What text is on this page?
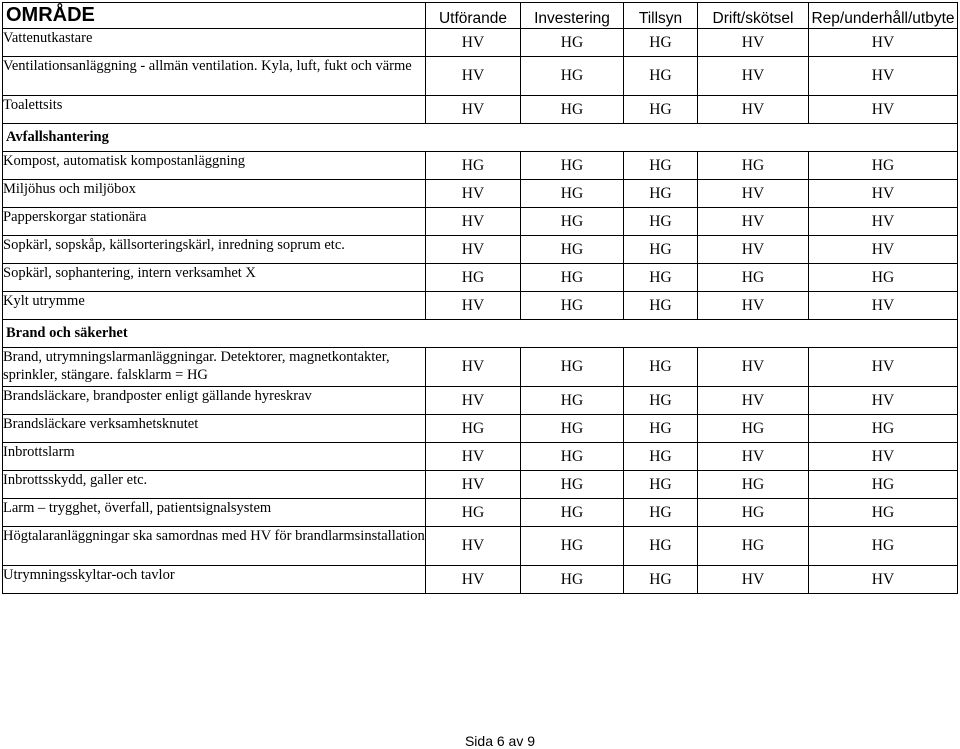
OMRÅDE	Utförande	Investering	Tillsyn	Drift/skötsel	Rep/underhåll/utbyte
Vattenutkastare	HV	HG	HG	HV	HV
Ventilationsanläggning - allmän ventilation. Kyla, luft, fukt och värme	HV	HG	HG	HV	HV
Toalettsits	HV	HG	HG	HV	HV
Avfallshantering					
Kompost, automatisk kompostanläggning	HG	HG	HG	HG	HG
Miljöhus och miljöbox	HV	HG	HG	HV	HV
Papperskorgar stationära	HV	HG	HG	HV	HV
Sopkärl, sopskåp, källsorteringskärl, inredning soprum etc.	HV	HG	HG	HV	HV
Sopkärl, sophantering, intern verksamhet X	HG	HG	HG	HG	HG
Kylt utrymme	HV	HG	HG	HV	HV
Brand och säkerhet					
Brand, utrymningslarmanläggningar. Detektorer, magnetkontakter, sprinkler, stängare. falsklarm = HG	HV	HG	HG	HV	HV
Brandsläckare, brandposter enligt gällande hyreskrav	HV	HG	HG	HV	HV
Brandsläckare verksamhetsknutet	HG	HG	HG	HG	HG
Inbrottslarm	HV	HG	HG	HV	HV
Inbrottsskydd, galler etc.	HV	HG	HG	HG	HG
Larm – trygghet, överfall, patientsignalsystem	HG	HG	HG	HG	HG
Högtalaranläggningar ska samordnas med HV för brandlarmsinstallation	HV	HG	HG	HG	HG
Utrymningsskyltar-och tavlor	HV	HG	HG	HV	HV
Sida 6 av 9
